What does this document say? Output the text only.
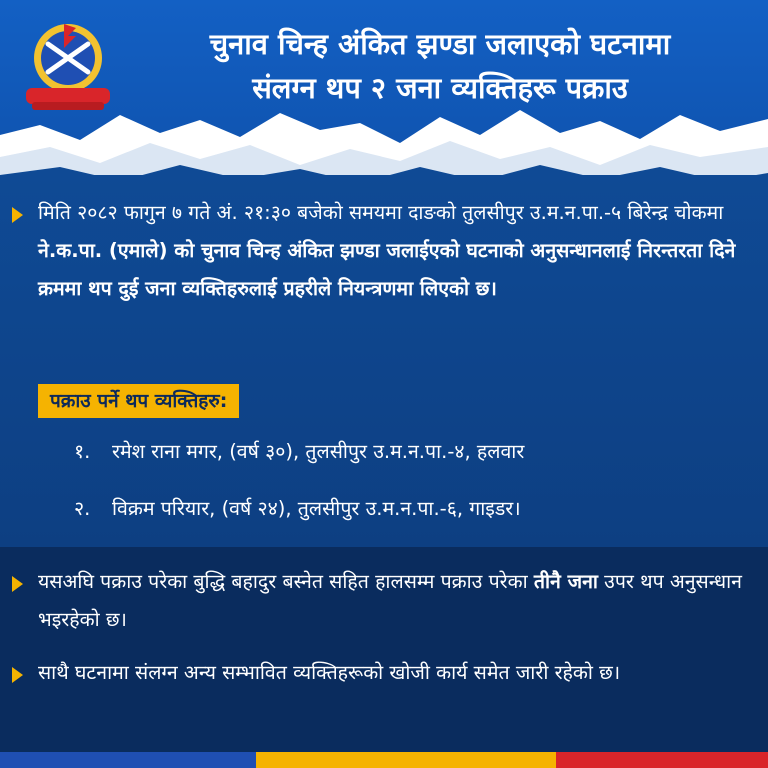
चुनाव चिन्ह अंकित झण्डा जलाएको घटनामा
संलग्न थप २ जना व्यक्तिहरू पक्राउ
मिति २०८२ फागुन ७ गते अं. २१:३० बजेको समयमा दाङको तुलसीपुर उ.म.न.पा.-५ बिरेन्द्र चोकमा ने.क.पा. (एमाले) को चुनाव चिन्ह अंकित झण्डा जलाईएको घटनाको अनुसन्धानलाई निरन्तरता दिने क्रममा थप दुई जना व्यक्तिहरुलाई प्रहरीले नियन्त्रणमा लिएको छ।
पक्राउ पर्ने थप व्यक्तिहरु:
१. रमेश राना मगर, (वर्ष ३०), तुलसीपुर उ.म.न.पा.-४, हलवार
२. विक्रम परियार, (वर्ष २४), तुलसीपुर उ.म.न.पा.-६, गाइडर।
यसअघि पक्राउ परेका बुद्धि बहादुर बस्नेत सहित हालसम्म पक्राउ परेका तीनै जना उपर थप अनुसन्धान भइरहेको छ।
साथै घटनामा संलग्न अन्य सम्भावित व्यक्तिहरूको खोजी कार्य समेत जारी रहेको छ।
